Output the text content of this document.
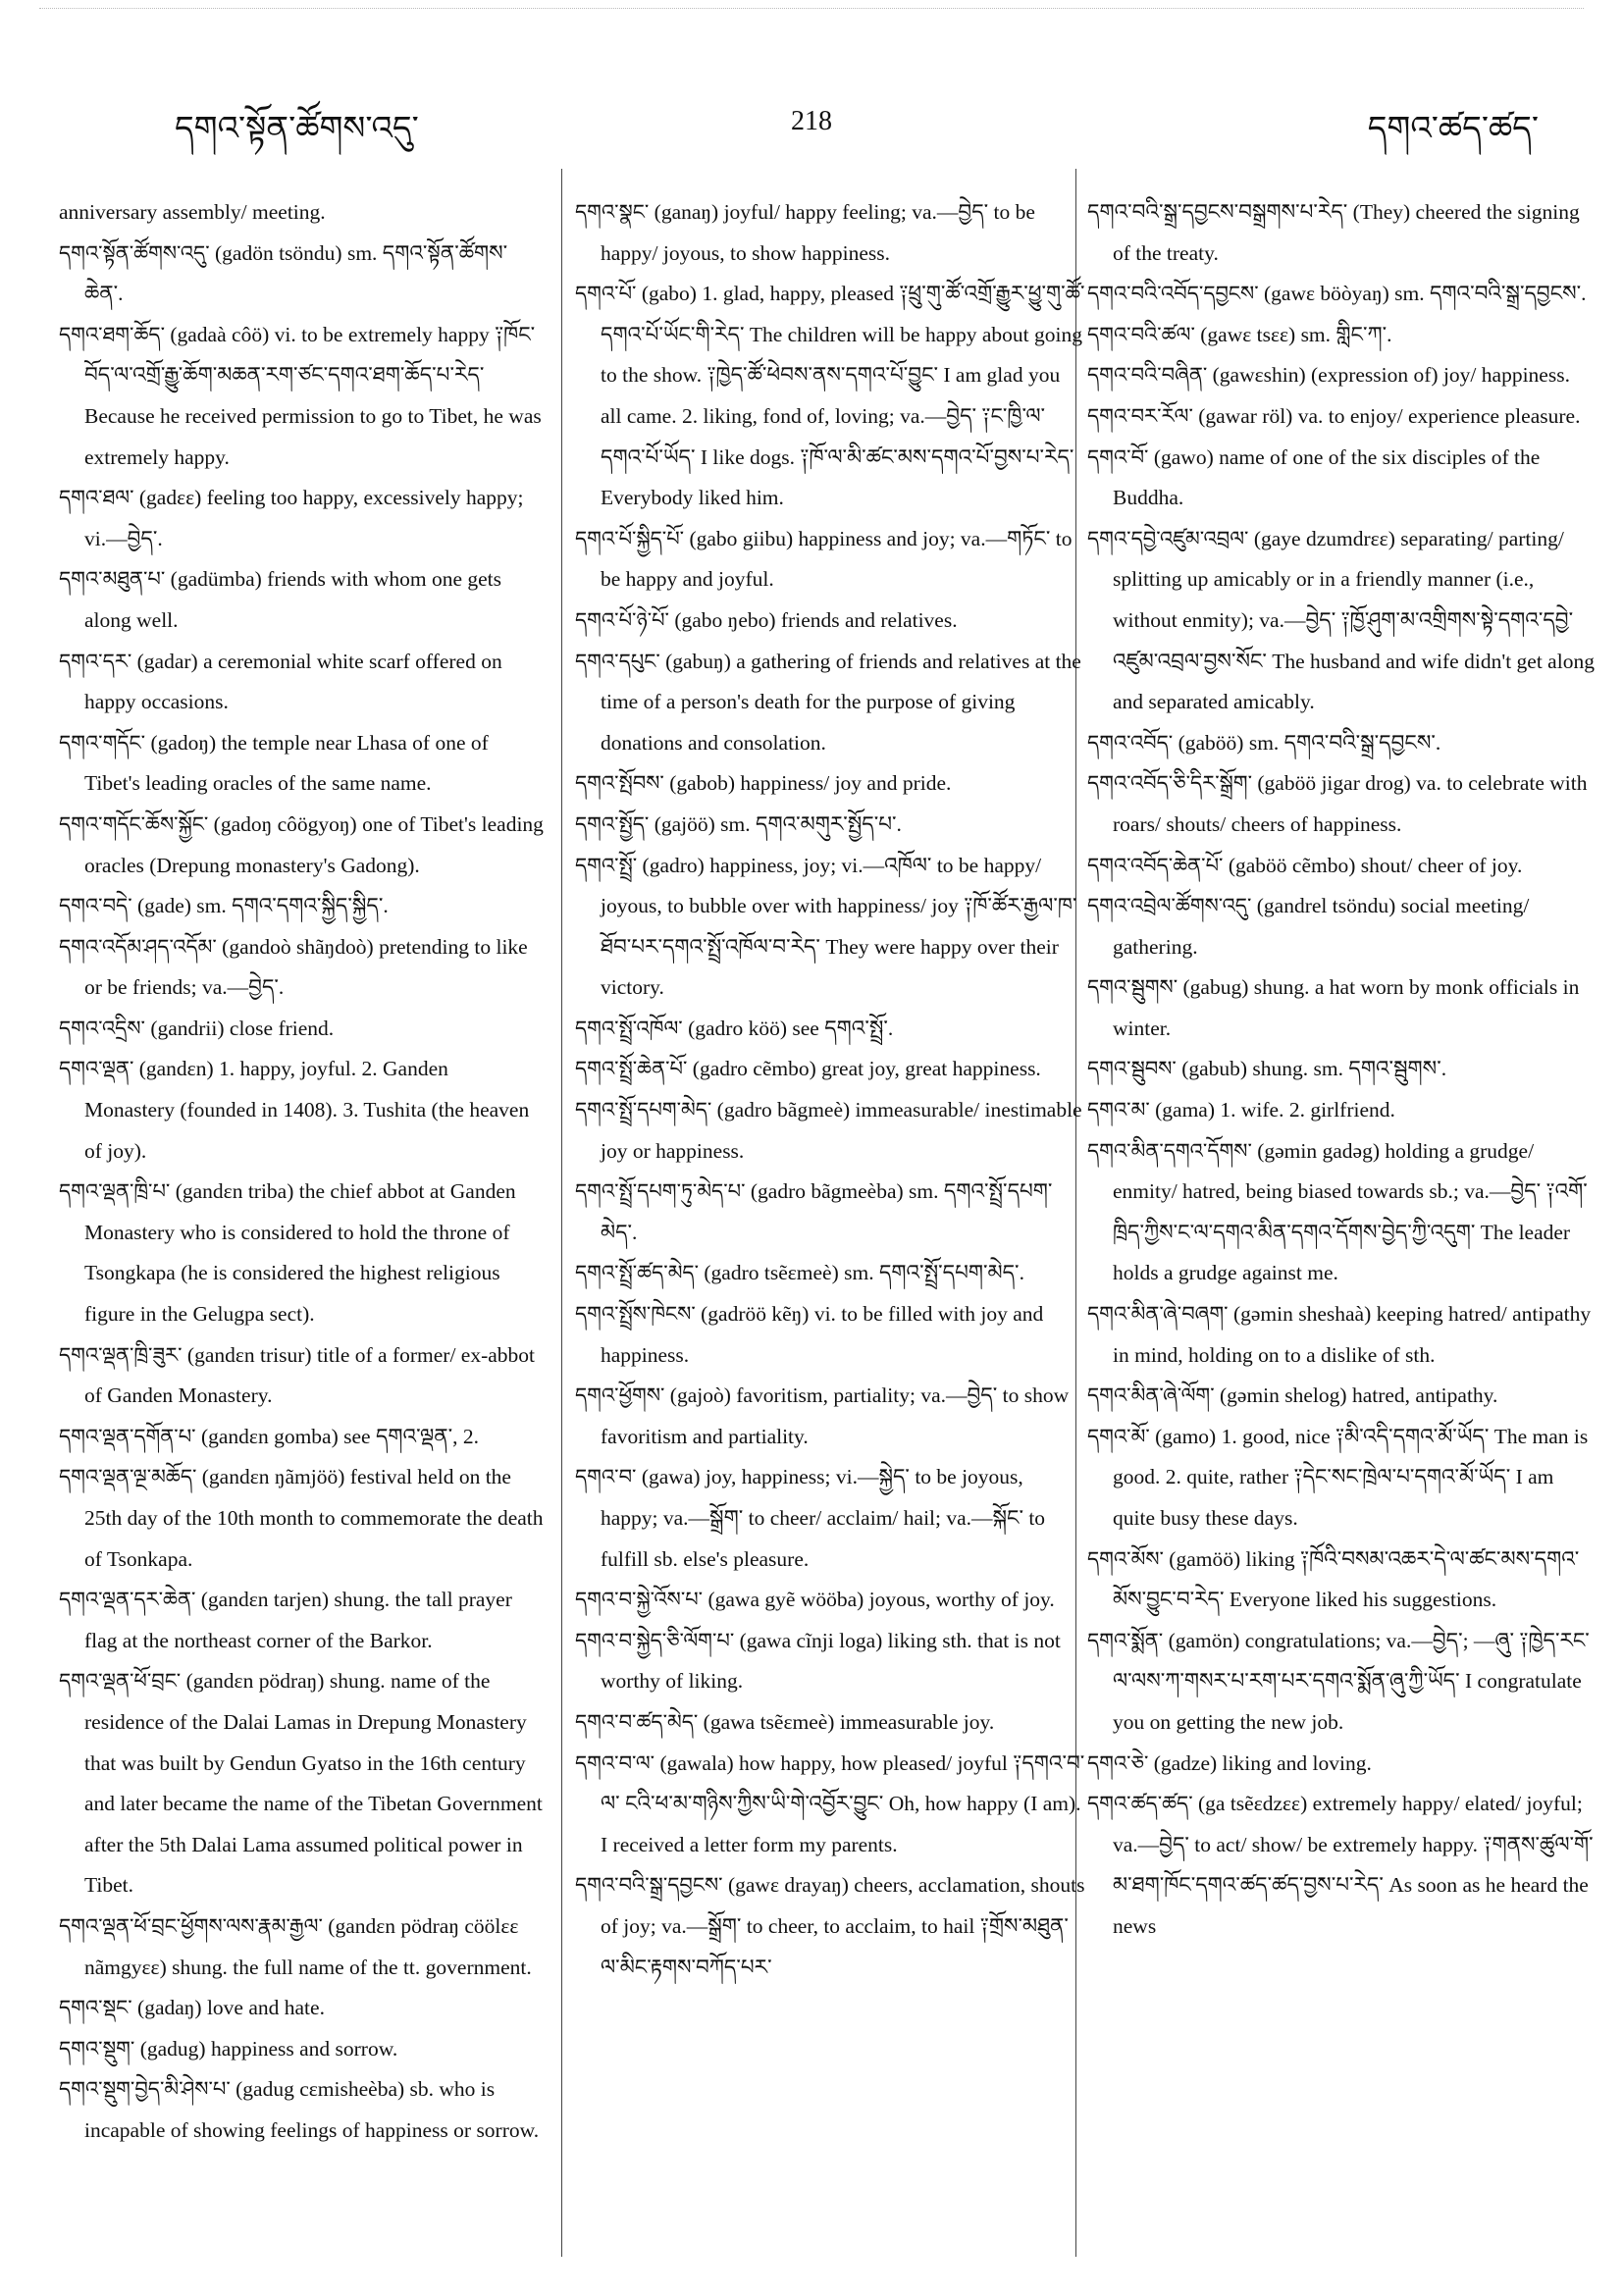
དགའ་སྟོན་ཚོགས་འདུ་	218	དགའ་ཚད་ཚད་

anniversary assembly/ meeting.

དགའ་སྟོན་ཚོགས་འདུ་ (gadön tsöndu) sm. དགའ་སྟོན་ཚོགས་ཆེན་.

དགའ་ཐག་ཆོད་ (gadaà côö) vi. to be extremely happy ༑ཁོང་བོད་ལ་འགྲོ་རྒྱུ་ཆོག་མཆན་རག་ཙང་དགའ་ཐག་ཆོད་པ་རེད་ Because he received permission to go to Tibet, he was extremely happy.

དགའ་ཐལ་ (gadεε) feeling too happy, excessively happy; vi.—བྱེད་.

དགའ་མཐུན་པ་ (gadümba) friends with whom one gets along well.

དགའ་དར་ (gadar) a ceremonial white scarf offered on happy occasions.

དགའ་གདོང་ (gadoŋ) the temple near Lhasa of one of Tibet's leading oracles of the same name.

དགའ་གདོང་ཆོས་སྐྱོང་ (gadoŋ côögyoŋ) one of Tibet's leading oracles (Drepung monastery's Gadong).

དགའ་བདེ་ (gade) sm. དགའ་དགའ་སྐྱིད་སྐྱིད་.

དགའ་འདོམ་ཤད་འདོམ་ (gandoò shãŋdoò) pretending to like or be friends; va.—བྱེད་.

དགའ་འདྲིས་ (gandrii) close friend.

དགའ་ལྡན་ (gandεn) 1. happy, joyful. 2. Ganden Monastery (founded in 1408). 3. Tushita (the heaven of joy).

དགའ་ལྡན་ཁྲི་པ་ (gandεn tribа) the chief abbot at Ganden Monastery who is considered to hold the throne of Tsongkapa (he is considered the highest religious figure in the Gelugpa sect).

དགའ་ལྡན་ཁྲི་ཟུར་ (gandεn trisur) title of a former/ ex-abbot of Ganden Monastery.

དགའ་ལྡན་དགོན་པ་ (gandεn gomba) see དགའ་ལྡན་, 2.

དགའ་ལྡན་ལྔ་མཆོད་ (gandεn ŋãmjöö) festival held on the 25th day of the 10th month to commemorate the death of Tsonkapa.

དགའ་ལྡན་དར་ཆེན་ (gandεn tarjen) shung. the tall prayer flag at the northeast corner of the Barkor.

དགའ་ལྡན་ཕོ་བྲང་ (gandεn pödraŋ) shung. name of the residence of the Dalai Lamas in Drepung Monastery that was built by Gendun Gyatso in the 16th century and later became the name of the Tibetan Government after the 5th Dalai Lama assumed political power in Tibet.

དགའ་ལྡན་ཕོ་བྲང་ཕྱོགས་ལས་རྣམ་རྒྱལ་ (gandεn pödraŋ cöölεε nãmgyεε) shung. the full name of the tt. government.

དགའ་སྡང་ (gadaŋ) love and hate.

དགའ་སྡུག་ (gadug) happiness and sorrow.

དགའ་སྡུག་བྱེད་མི་ཤེས་པ་ (gadug cεmisheèba) sb. who is incapable of showing feelings of happiness or sorrow.

དགའ་སྣང་ (ganaŋ) joyful/ happy feeling; va.—བྱེད་ to be happy/ joyous, to show happiness.

དགའ་པོ་ (gabo) 1. glad, happy, pleased ༑ཕྲུ་གུ་ཚོ་འགྲོ་རྒྱུར་ཕྱུ་གུ་ཚོ་དགའ་པོ་ཡོང་གི་རེད་ The children will be happy about going to the show. ༑ཁྱེད་ཚོ་ཕེབས་ནས་དགའ་པོ་བྱུང་ I am glad you all came. 2. liking, fond of, loving; va.—བྱེད་ ༑ང་ཁྱི་ལ་དགའ་པོ་ཡོད་ I like dogs. ༑ཁོ་ལ་མི་ཚང་མས་དགའ་པོ་བྱས་པ་རེད་ Everybody liked him.

དགའ་པོ་སྐྱིད་པོ་ (gabo giibu) happiness and joy; va.—གཏོང་ to be happy and joyful.

དགའ་པོ་ཉེ་པོ་ (gabo ŋebo) friends and relatives.

དགའ་དཔུང་ (gabuŋ) a gathering of friends and relatives at the time of a person's death for the purpose of giving donations and consolation.

དགའ་སྤོབས་ (gabob) happiness/ joy and pride.

དགའ་སྤྱོད་ (gajöö) sm. དགའ་མགུར་སྤྱོད་པ་.

དགའ་སྤྲོ་ (gadro) happiness, joy; vi.—འཁོལ་ to be happy/ joyous, to bubble over with happiness/ joy ༑ཁོ་ཚོར་རྒྱལ་ཁ་ཐོབ་པར་དགའ་སྤྲོ་འཁོལ་བ་རེད་ They were happy over their victory.

དགའ་སྤྲོ་འཁོལ་ (gadro köö) see དགའ་སྤྲོ་.

དགའ་སྤྲོ་ཆེན་པོ་ (gadro cẽmbo) great joy, great happiness.

དགའ་སྤྲོ་དཔག་མེད་ (gadro bãgmeè) immeasurable/ inestimable joy or happiness.

དགའ་སྤྲོ་དཔག་ཏུ་མེད་པ་ (gadro bãgmeèba) sm. དགའ་སྤྲོ་དཔག་མེད་.

དགའ་སྤྲོ་ཚད་མེད་ (gadro tsẽεmeè) sm. དགའ་སྤྲོ་དཔག་མེད་.

དགའ་སྤྲོས་ཁེངས་ (gadröö kẽŋ) vi. to be filled with joy and happiness.

དགའ་ཕྱོགས་ (gajoò) favoritism, partiality; va.—བྱེད་ to show favoritism and partiality.

དགའ་བ་ (gawa) joy, happiness; vi.—སྐྱེད་ to be joyous, happy; va.—སྒྲོག་ to cheer/ acclaim/ hail; va.—སྐོང་ to fulfill sb. else's pleasure.

དགའ་བ་སྐྱེ་འོས་པ་ (gawa gyẽ wööba) joyous, worthy of joy.

དགའ་བ་སྐྱེད་ཅི་ལོག་པ་ (gawa cĩnji loga) liking sth. that is not worthy of liking.

དགའ་བ་ཚད་མེད་ (gawa tsẽεmeè) immeasurable joy.

དགའ་བ་ལ་ (gawala) how happy, how pleased/ joyful ༑དགའ་བ་ལ་ ངའི་ཕ་མ་གཉིས་ཀྱིས་ཡི་གེ་འབྱོར་བྱུང་ Oh, how happy (I am). I received a letter form my parents.

དགའ་བའི་སྒྲ་དབྱངས་ (gawε drayaŋ) cheers, acclamation, shouts of joy; va.—སྒྲོག་ to cheer, to acclaim, to hail ༑གྲོས་མཐུན་ལ་མིང་རྟགས་བཀོད་པར་

དགའ་བའི་སྒྲ་དབྱངས་བསྒྲགས་པ་རེད་ (They) cheered the signing of the treaty.

དགའ་བའི་འབོད་དབྱངས་ (gawε böòyaŋ) sm. དགའ་བའི་སྒྲ་དབྱངས་.

དགའ་བའི་ཚལ་ (gawε tsεε) sm. གླིང་ཀ་.

དགའ་བའི་བཞིན་ (gawεshin) (expression of) joy/ happiness.

དགའ་བར་རོལ་ (gawar röl) va. to enjoy/ experience pleasure.

དགའ་བོ་ (gawo) name of one of the six disciples of the Buddha.

དགའ་དབྱེ་འཛུམ་འབྲལ་ (gaye dzumdrεε) separating/ parting/ splitting up amicably or in a friendly manner (i.e., without enmity); va.—བྱེད་ ༑ཁྱོ་ཤུག་མ་འགྲིགས་སྟེ་དགའ་དབྱེ་འཛུམ་འབྲལ་བྱས་སོང་ The husband and wife didn't get along and separated amicably.

དགའ་འབོད་ (gaböö) sm. དགའ་བའི་སྒྲ་དབྱངས་.

དགའ་འབོད་ཅི་དིར་སྒྲོག་ (gaböö jigar drog) va. to celebrate with roars/ shouts/ cheers of happiness.

དགའ་འབོད་ཆེན་པོ་ (gaböö cẽmbo) shout/ cheer of joy.

དགའ་འབྲེལ་ཚོགས་འདུ་ (gandrel tsöndu) social meeting/ gathering.

དགའ་སྦུགས་ (gabug) shung. a hat worn by monk officials in winter.

དགའ་སྦུབས་ (gabub) shung. sm. དགའ་སྦུགས་.

དགའ་མ་ (gama) 1. wife. 2. girlfriend.

དགའ་མིན་དགའ་དོགས་ (gəmin gadəg) holding a grudge/ enmity/ hatred, being biased towards sb.; va.—བྱེད་ ༑འགོ་ཁྲིད་ཀྱིས་ང་ལ་དགའ་མིན་དགའ་དོགས་བྱེད་ཀྱི་འདུག་ The leader holds a grudge against me.

དགའ་མིན་ཞེ་བཞག་ (gəmin sheshaà) keeping hatred/ antipathy in mind, holding on to a dislike of sth.

དགའ་མིན་ཞེ་ལོག་ (gəmin shelog) hatred, antipathy.

དགའ་མོ་ (gamo) 1. good, nice ༑མི་འདི་དགའ་མོ་ཡོད་ The man is good. 2. quite, rather ༑དེང་སང་ཁྲེལ་པ་དགའ་མོ་ཡོད་ I am quite busy these days.

དགའ་མོས་ (gamöö) liking ༑ཁོའི་བསམ་འཆར་དེ་ལ་ཚང་མས་དགའ་མོས་བྱུང་བ་རེད་ Everyone liked his suggestions.

དགའ་སྨོན་ (gamön) congratulations; va.—བྱེད་; —ཞུ་ ༑ཁྱེད་རང་ལ་ལས་ཀ་གསར་པ་རག་པར་དགའ་སྨོན་ཞུ་ཀྱི་ཡོད་ I congratulate you on getting the new job.

དགའ་ཅེ་ (gadze) liking and loving.

དགའ་ཚད་ཚད་ (ga tsẽεdzεε) extremely happy/ elated/ joyful; va.—བྱེད་ to act/ show/ be extremely happy. ༑གནས་ཚུལ་གོ་མ་ཐག་ཁོང་དགའ་ཚད་ཚད་བྱས་པ་རེད་ As soon as he heard the news
